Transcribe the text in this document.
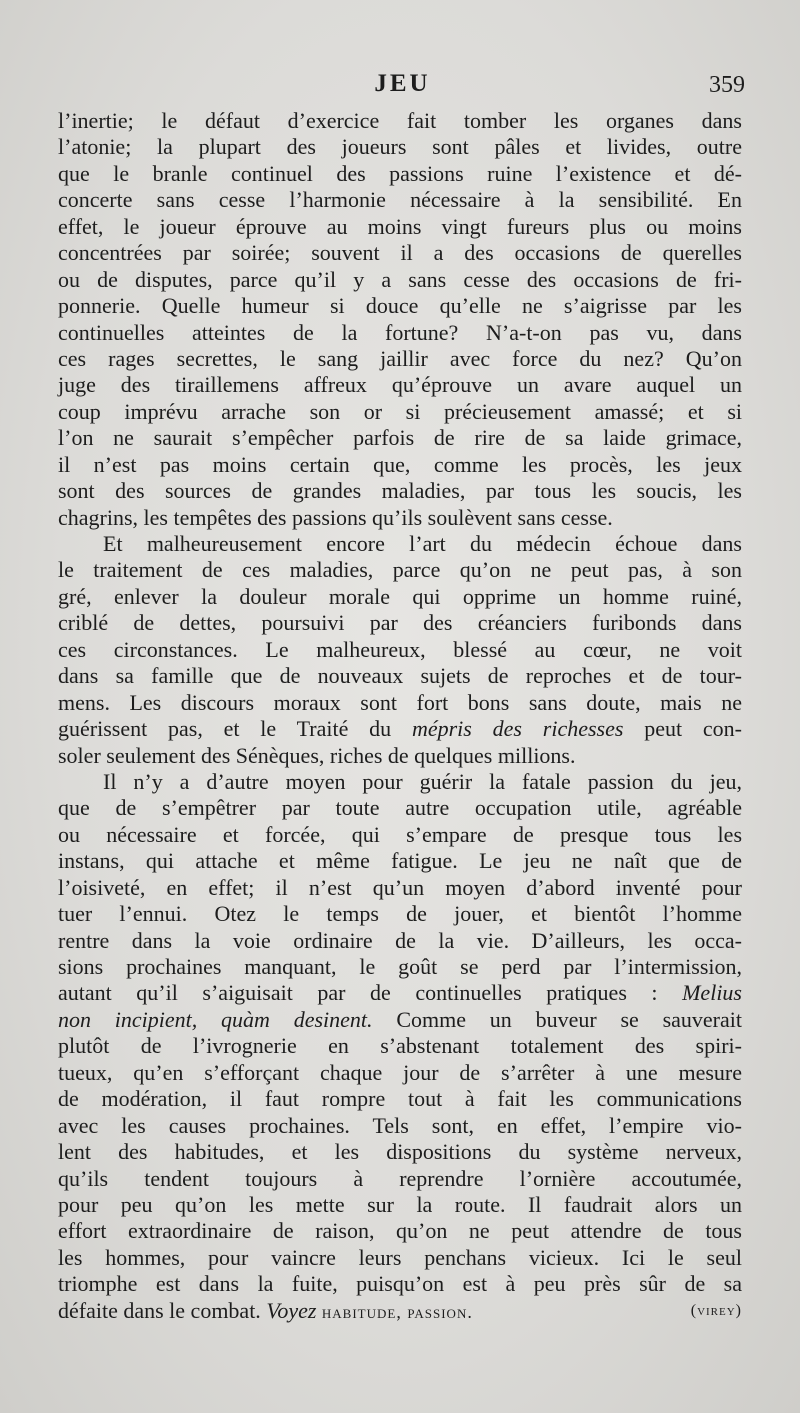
JEU	359
l’inertie; le défaut d’exercice fait tomber les organes dans
l’atonie; la plupart des joueurs sont pâles et livides, outre
que le branle continuel des passions ruine l’existence et dé-
concerte sans cesse l’harmonie nécessaire à la sensibilité. En
effet, le joueur éprouve au moins vingt fureurs plus ou moins
concentrées par soirée; souvent il a des occasions de querelles
ou de disputes, parce qu’il y a sans cesse des occasions de fri-
ponnerie. Quelle humeur si douce qu’elle ne s’aigrisse par les
continuelles atteintes de la fortune? N’a-t-on pas vu, dans
ces rages secrettes, le sang jaillir avec force du nez? Qu’on
juge des tiraillemens affreux qu’éprouve un avare auquel un
coup imprévu arrache son or si précieusement amassé; et si
l’on ne saurait s’empêcher parfois de rire de sa laide grimace,
il n’est pas moins certain que, comme les procès, les jeux
sont des sources de grandes maladies, par tous les soucis, les
chagrins, les tempêtes des passions qu’ils soulèvent sans cesse.
Et malheureusement encore l’art du médecin échoue dans
le traitement de ces maladies, parce qu’on ne peut pas, à son
gré, enlever la douleur morale qui opprime un homme ruiné,
criblé de dettes, poursuivi par des créanciers furibonds dans
ces circonstances. Le malheureux, blessé au cœur, ne voit
dans sa famille que de nouveaux sujets de reproches et de tour-
mens. Les discours moraux sont fort bons sans doute, mais ne
guérissent pas, et le Traité du mépris des richesses peut con-
soler seulement des Sénèques, riches de quelques millions.
Il n’y a d’autre moyen pour guérir la fatale passion du jeu,
que de s’empêtrer par toute autre occupation utile, agréable
ou nécessaire et forcée, qui s’empare de presque tous les
instans, qui attache et même fatigue. Le jeu ne naît que de
l’oisiveté, en effet; il n’est qu’un moyen d’abord inventé pour
tuer l’ennui. Otez le temps de jouer, et bientôt l’homme
rentre dans la voie ordinaire de la vie. D’ailleurs, les occa-
sions prochaines manquant, le goût se perd par l’intermission,
autant qu’il s’aiguisait par de continuelles pratiques : Melius
non incipient, quàm desinent. Comme un buveur se sauverait
plutôt de l’ivrognerie en s’abstenant totalement des spiri-
tueux, qu’en s’efforçant chaque jour de s’arrêter à une mesure
de modération, il faut rompre tout à fait les communications
avec les causes prochaines. Tels sont, en effet, l’empire vio-
lent des habitudes, et les dispositions du système nerveux,
qu’ils tendent toujours à reprendre l’ornière accoutumée,
pour peu qu’on les mette sur la route. Il faudrait alors un
effort extraordinaire de raison, qu’on ne peut attendre de tous
les hommes, pour vaincre leurs penchans vicieux. Ici le seul
triomphe est dans la fuite, puisqu’on est à peu près sûr de sa
défaite dans le combat. Voyez habitude, passion.	(virey)
